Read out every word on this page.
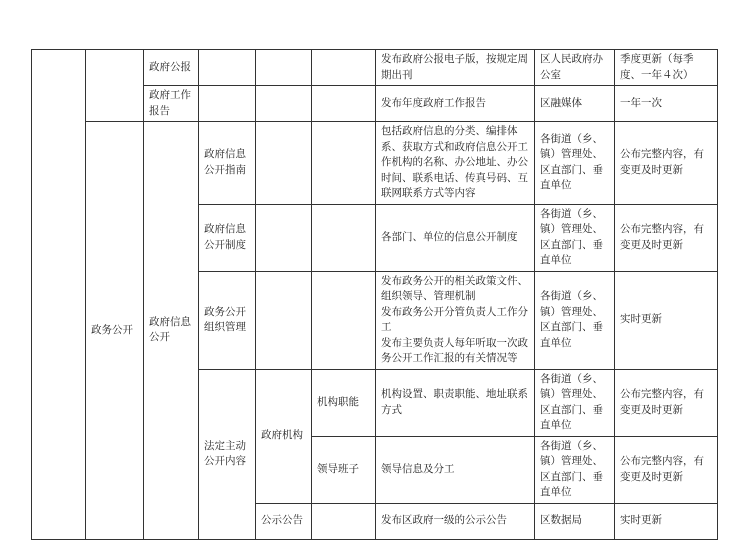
		政府公报				发布政府公报电子版，按规定周期出刊	区人民政府办公室	季度更新（每季度、一年４次）
		政府工作报告				发布年度政府工作报告	区融媒体	一年一次
	政务公开	政府信息公开	政府信息公开指南			包括政府信息的分类、编排体系、获取方式和政府信息公开工作机构的名称、办公地址、办公时间、联系电话、传真号码、互联网联系方式等内容	各街道（乡、镇）管理处、区直部门、垂直单位	公布完整内容，有变更及时更新
			政府信息公开制度			各部门、单位的信息公开制度	各街道（乡、镇）管理处、区直部门、垂直单位	公布完整内容，有变更及时更新
			政务公开组织管理			发布政务公开的相关政策文件、组织领导、管理机制
发布政务公开分管负责人工作分工
发布主要负责人每年听取一次政务公开工作汇报的有关情况等	各街道（乡、镇）管理处、区直部门、垂直单位	实时更新
			法定主动公开内容	政府机构	机构职能	机构设置、职责职能、地址联系方式	各街道（乡、镇）管理处、区直部门、垂直单位	公布完整内容，有变更及时更新
					领导班子	领导信息及分工	各街道（乡、镇）管理处、区直部门、垂直单位	公布完整内容，有变更及时更新
				公示公告		发布区政府一级的公示公告	区数据局	实时更新
